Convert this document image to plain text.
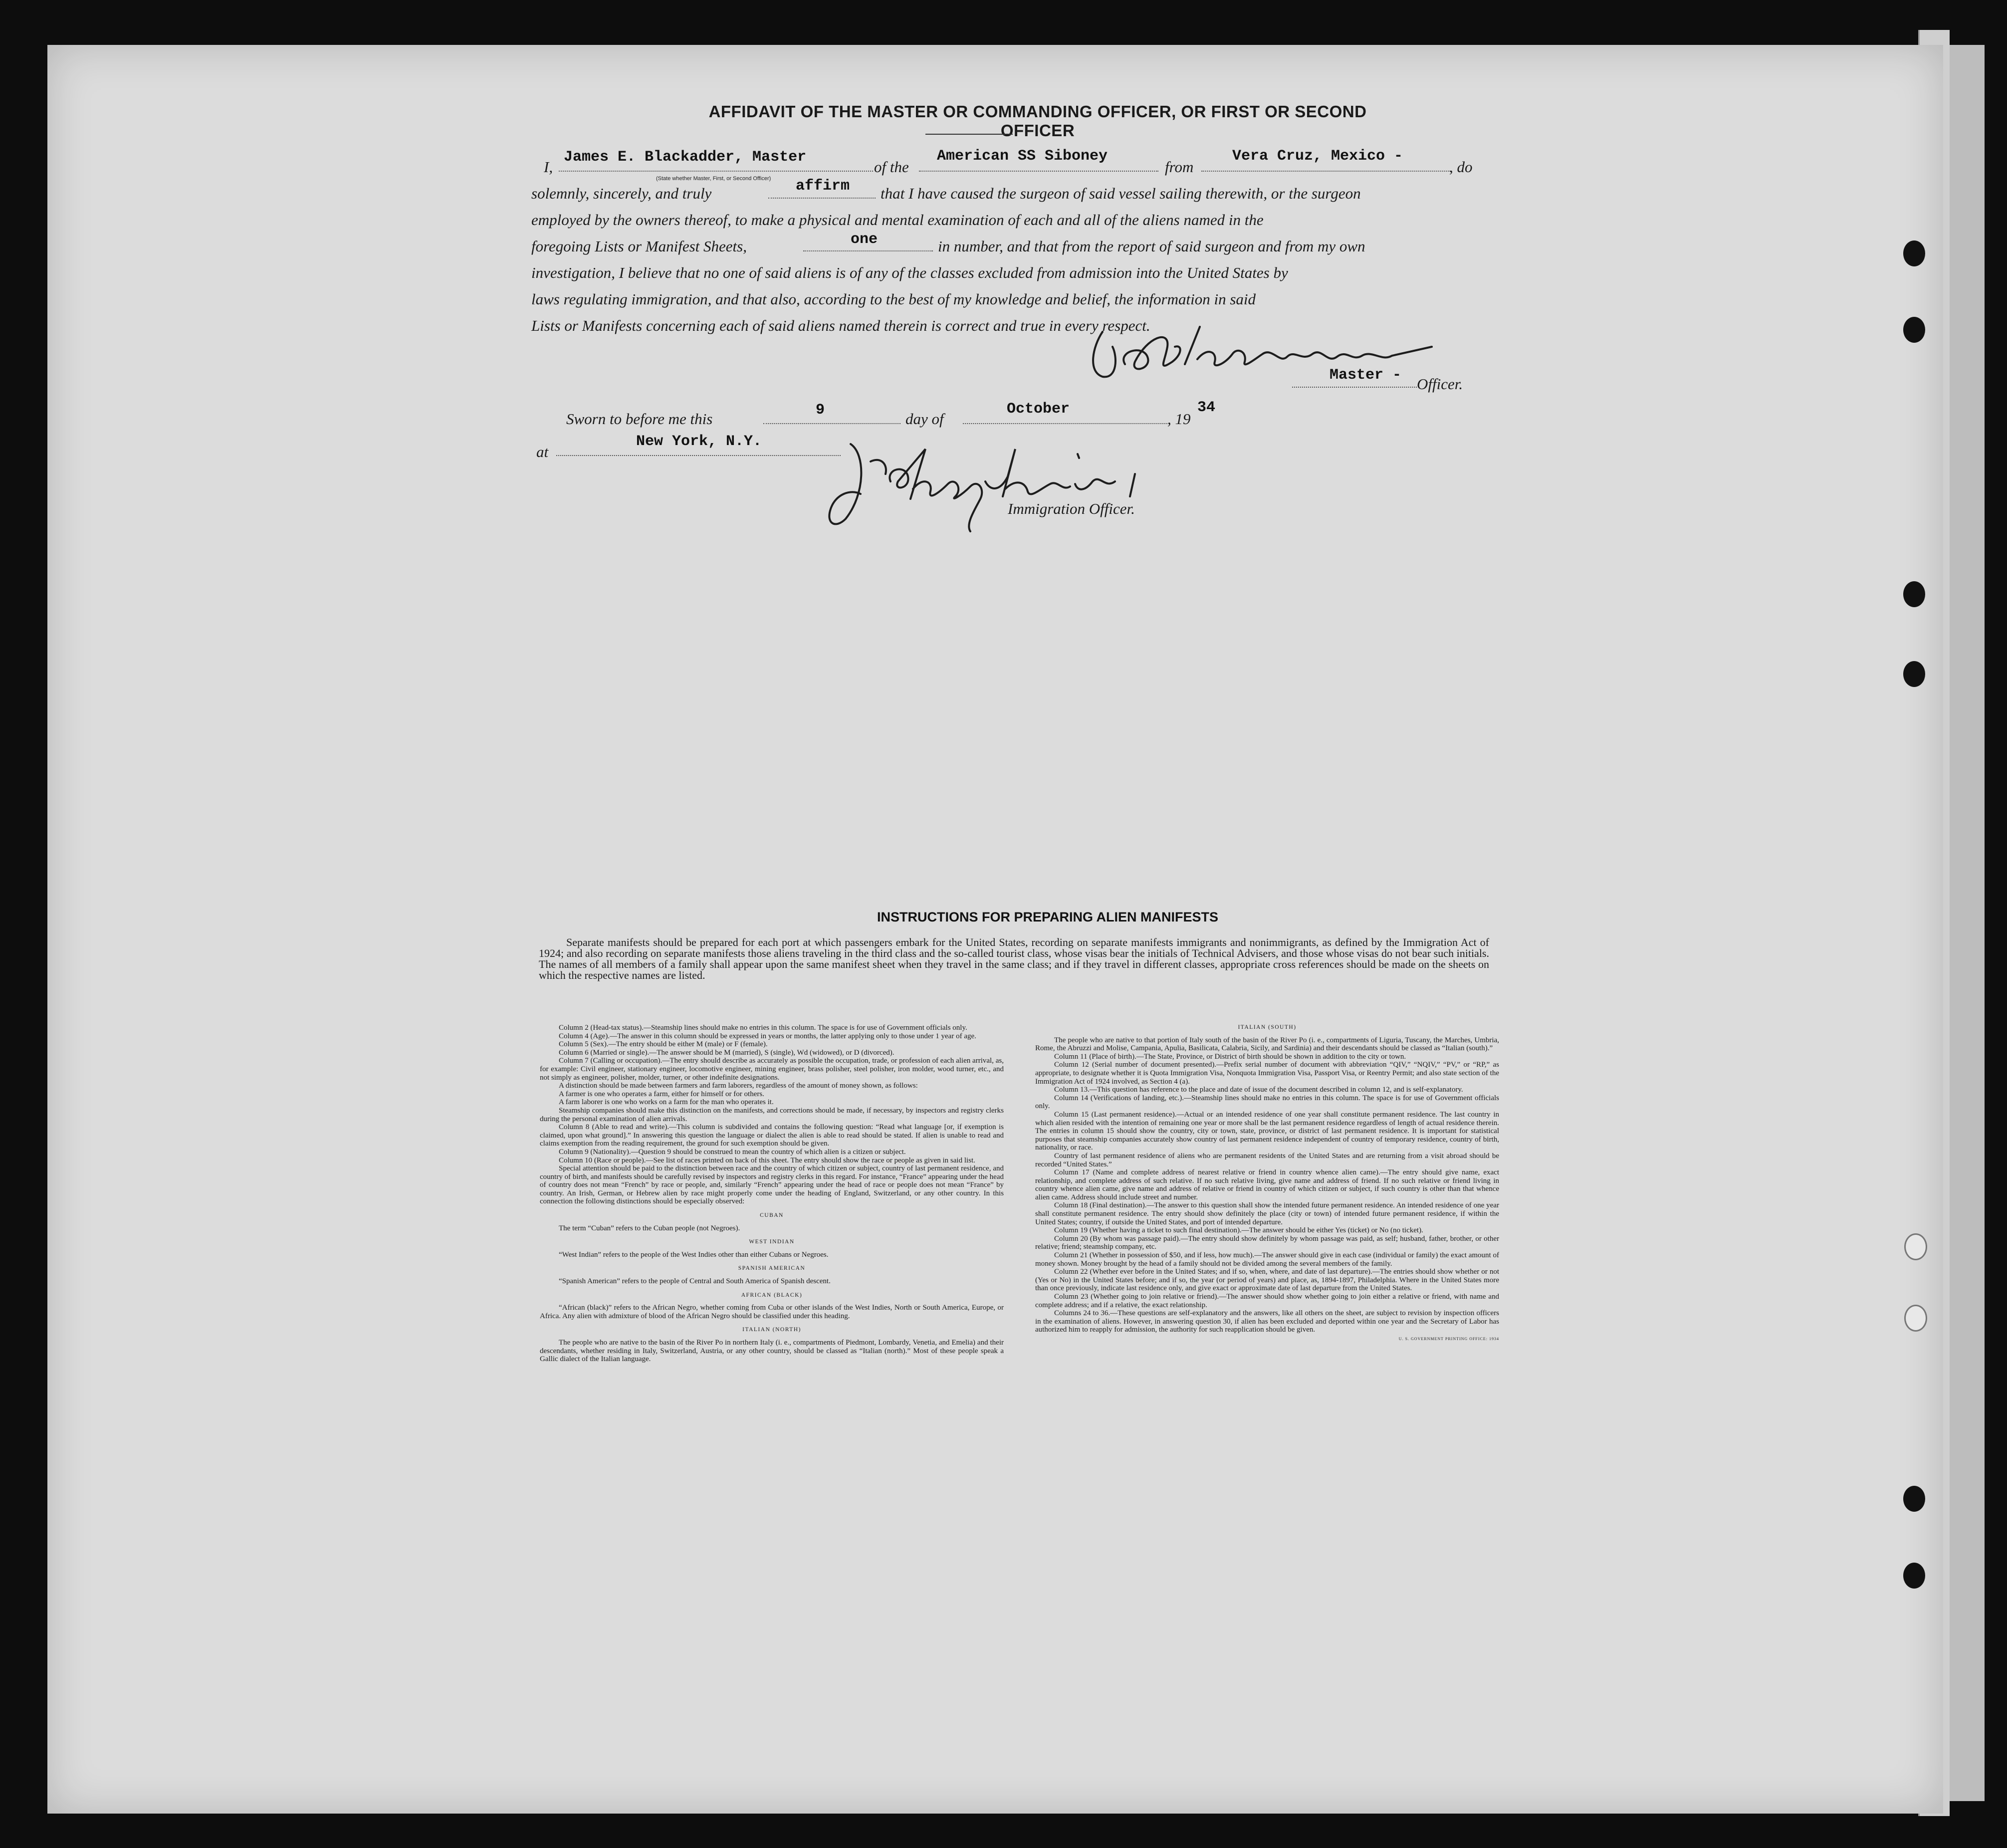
AFFIDAVIT OF THE MASTER OR COMMANDING OFFICER, OR FIRST OR SECOND OFFICER
I,
James E. Blackadder, Master
(State whether Master, First, or Second Officer)
of the
American SS Siboney
from
Vera Cruz, Mexico -
, do
solemnly, sincerely, and truly	affirm that I have caused the surgeon of said vessel sailing therewith, or the surgeon
employed by the owners thereof, to make a physical and mental examination of each and all of the aliens named in the
foregoing Lists or Manifest Sheets,	one	in number, and that from the report of said surgeon and from my own
investigation, I believe that no one of said aliens is of any of the classes excluded from admission into the United States by
laws regulating immigration, and that also, according to the best of my knowledge and belief, the information in said
Lists or Manifests concerning each of said aliens named therein is correct and true in every respect.
Master - Officer.
Sworn to before me this	9	day of
October
, 19
34
at
New York, N.Y.
Immigration Officer.
INSTRUCTIONS FOR PREPARING ALIEN MANIFESTS
Separate manifests should be prepared for each port at which passengers embark for the United States, recording on separate manifests immigrants and nonimmigrants, as defined by the Immigration Act of 1924; and also recording on separate manifests those aliens traveling in the third class and the so-called tourist class, whose visas bear the initials of Technical Advisers, and those whose visas do not bear such initials. The names of all members of a family shall appear upon the same manifest sheet when they travel in the same class; and if they travel in different classes, appropriate cross references should be made on the sheets on which the respective names are listed.

Column 2 (Head-tax status).—Steamship lines should make no entries in this column. The space is for use of Government officials only.

Column 4 (Age).—The answer in this column should be expressed in years or months, the latter applying only to those under 1 year of age.

Column 5 (Sex).—The entry should be either M (male) or F (female).

Column 6 (Married or single).—The answer should be M (married), S (single), Wd (widowed), or D (divorced).

Column 7 (Calling or occupation).—The entry should describe as accurately as possible the occupation, trade, or profession of each alien arrival, as, for example: Civil engineer, stationary engineer, locomotive engineer, mining engineer, brass polisher, steel polisher, iron molder, wood turner, etc., and not simply as engineer, polisher, molder, turner, or other indefinite designations.

A distinction should be made between farmers and farm laborers, regardless of the amount of money shown, as follows:

A farmer is one who operates a farm, either for himself or for others.

A farm laborer is one who works on a farm for the man who operates it.

Steamship companies should make this distinction on the manifests, and corrections should be made, if necessary, by inspectors and registry clerks during the personal examination of alien arrivals.

Column 8 (Able to read and write).—This column is subdivided and contains the following question: “Read what language [or, if exemption is claimed, upon what ground].” In answering this question the language or dialect the alien is able to read should be stated. If alien is unable to read and claims exemption from the reading requirement, the ground for such exemption should be given.

Column 9 (Nationality).—Question 9 should be construed to mean the country of which alien is a citizen or subject.

Column 10 (Race or people).—See list of races printed on back of this sheet. The entry should show the race or people as given in said list.

Special attention should be paid to the distinction between race and the country of which citizen or subject, country of last permanent residence, and country of birth, and manifests should be carefully revised by inspectors and registry clerks in this regard. For instance, “France” appearing under the head of country does not mean “French” by race or people, and, similarly “French” appearing under the head of race or people does not mean “France” by country. An Irish, German, or Hebrew alien by race might properly come under the heading of England, Switzerland, or any other country. In this connection the following distinctions should be especially observed:

CUBAN

The term “Cuban” refers to the Cuban people (not Negroes).

WEST INDIAN

“West Indian” refers to the people of the West Indies other than either Cubans or Negroes.

SPANISH AMERICAN

“Spanish American” refers to the people of Central and South America of Spanish descent.

AFRICAN (BLACK)

“African (black)” refers to the African Negro, whether coming from Cuba or other islands of the West Indies, North or South America, Europe, or Africa. Any alien with admixture of blood of the African Negro should be classified under this heading.

ITALIAN (NORTH)

The people who are native to the basin of the River Po in northern Italy (i. e., compartments of Piedmont, Lombardy, Venetia, and Emelia) and their descendants, whether residing in Italy, Switzerland, Austria, or any other country, should be classed as “Italian (north).” Most of these people speak a Gallic dialect of the Italian language.

ITALIAN (SOUTH)

The people who are native to that portion of Italy south of the basin of the River Po (i. e., compartments of Liguria, Tuscany, the Marches, Umbria, Rome, the Abruzzi and Molise, Campania, Apulia, Basilicata, Calabria, Sicily, and Sardinia) and their descendants should be classed as “Italian (south).”

Column 11 (Place of birth).—The State, Province, or District of birth should be shown in addition to the city or town.

Column 12 (Serial number of document presented).—Prefix serial number of document with abbreviation “QIV,” “NQIV,” “PV,” or “RP,” as appropriate, to designate whether it is Quota Immigration Visa, Nonquota Immigration Visa, Passport Visa, or Reentry Permit; and also state section of the Immigration Act of 1924 involved, as Section 4 (a).

Column 13.—This question has reference to the place and date of issue of the document described in column 12, and is self-explanatory.

Column 14 (Verifications of landing, etc.).—Steamship lines should make no entries in this column. The space is for use of Government officials only.

Column 15 (Last permanent residence).—Actual or an intended residence of one year shall constitute permanent residence. The last country in which alien resided with the intention of remaining one year or more shall be the last permanent residence regardless of length of actual residence therein. The entries in column 15 should show the country, city or town, state, province, or district of last permanent residence. It is important for statistical purposes that steamship companies accurately show country of last permanent residence independent of country of temporary residence, country of birth, nationality, or race.

Country of last permanent residence of aliens who are permanent residents of the United States and are returning from a visit abroad should be recorded “United States.”

Column 17 (Name and complete address of nearest relative or friend in country whence alien came).—The entry should give name, exact relationship, and complete address of such relative. If no such relative living, give name and address of friend. If no such relative or friend living in country whence alien came, give name and address of relative or friend in country of which citizen or subject, if such country is other than that whence alien came. Address should include street and number.

Column 18 (Final destination).—The answer to this question shall show the intended future permanent residence. An intended residence of one year shall constitute permanent residence. The entry should show definitely the place (city or town) of intended future permanent residence, if within the United States; country, if outside the United States, and port of intended departure.

Column 19 (Whether having a ticket to such final destination).—The answer should be either Yes (ticket) or No (no ticket).

Column 20 (By whom was passage paid).—The entry should show definitely by whom passage was paid, as self; husband, father, brother, or other relative; friend; steamship company, etc.

Column 21 (Whether in possession of $50, and if less, how much).—The answer should give in each case (individual or family) the exact amount of money shown. Money brought by the head of a family should not be divided among the several members of the family.

Column 22 (Whether ever before in the United States; and if so, when, where, and date of last departure).—The entries should show whether or not (Yes or No) in the United States before; and if so, the year (or period of years) and place, as, 1894-1897, Philadelphia. Where in the United States more than once previously, indicate last residence only, and give exact or approximate date of last departure from the United States.

Column 23 (Whether going to join relative or friend).—The answer should show whether going to join either a relative or friend, with name and complete address; and if a relative, the exact relationship.

Columns 24 to 36.—These questions are self-explanatory and the answers, like all others on the sheet, are subject to revision by inspection officers in the examination of aliens. However, in answering question 30, if alien has been excluded and deported within one year and the Secretary of Labor has authorized him to reapply for admission, the authority for such reapplication should be given.

U. S. GOVERNMENT PRINTING OFFICE: 1934
